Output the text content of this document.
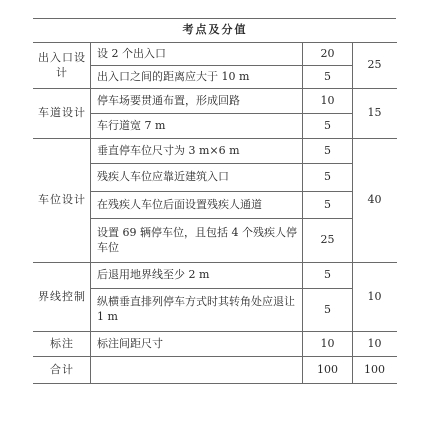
考点及分值			
出入口设计	设 2 个出入口	20	25
	出入口之间的距离应大于 10 m	5	
车道设计	停车场要贯通布置，形成回路	10	15
	车行道宽 7 m	5	
车位设计	垂直停车位尺寸为 3 m×6 m	5	40
	残疾人车位应靠近建筑入口	5	
	在残疾人车位后面设置残疾人通道	5	
	设置 69 辆停车位，且包括 4 个残疾人停车位	25	
界线控制	后退用地界线至少 2 m	5	10
	纵横垂直排列停车方式时其转角处应退让 1 m	5	
标注	标注间距尺寸	10	10
合计		100	100
